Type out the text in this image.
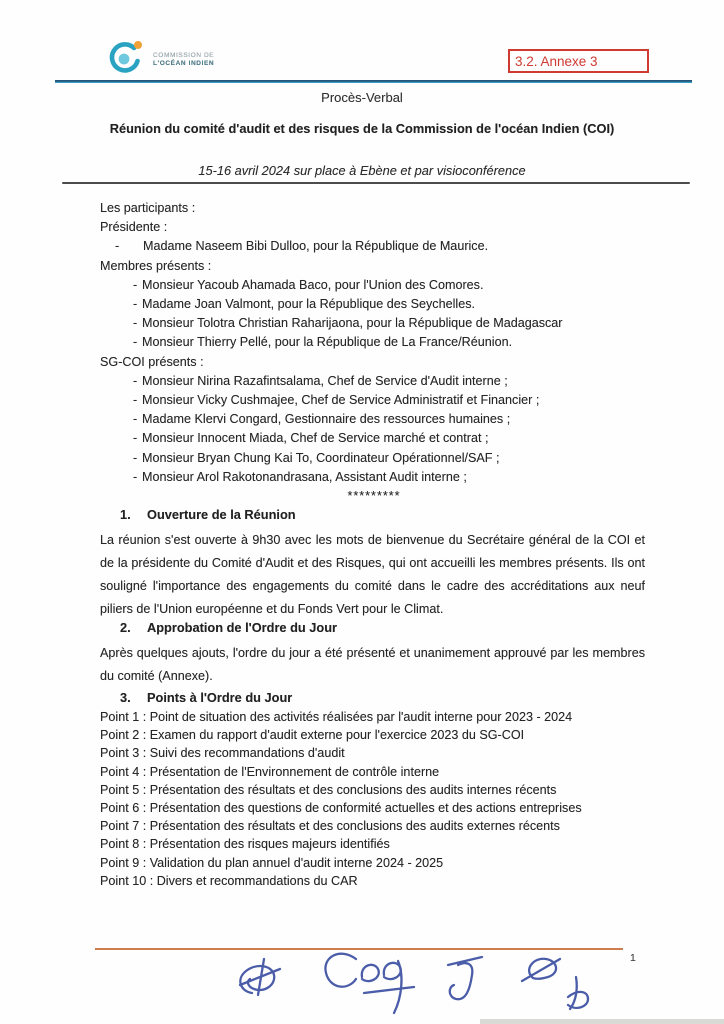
COMMISSION DE
L'OCÉAN INDIEN	3.2. Annexe 3
Procès-Verbal
Réunion du comité d'audit et des risques de la Commission de l'océan Indien (COI)
15-16 avril 2024 sur place à Ebène et par visioconférence
Les participants :
Présidente :
- Madame Naseem Bibi Dulloo, pour la République de Maurice.
Membres présents :
- Monsieur Yacoub Ahamada Baco, pour l'Union des Comores.
- Madame Joan Valmont, pour la République des Seychelles.
- Monsieur Tolotra Christian Raharijaona, pour la République de Madagascar
- Monsieur Thierry Pellé, pour la République de La France/Réunion.
SG-COI présents :
- Monsieur Nirina Razafintsalama, Chef de Service d'Audit interne ;
- Monsieur Vicky Cushmajee, Chef de Service Administratif et Financier ;
- Madame Klervi Congard, Gestionnaire des ressources humaines ;
- Monsieur Innocent Miada, Chef de Service marché et contrat ;
- Monsieur Bryan Chung Kai To, Coordinateur Opérationnel/SAF ;
- Monsieur Arol Rakotonandrasana, Assistant Audit interne ;
*********
1.	Ouverture de la Réunion
La réunion s'est ouverte à 9h30 avec les mots de bienvenue du Secrétaire général de la COI et de la présidente du Comité d'Audit et des Risques, qui ont accueilli les membres présents. Ils ont souligné l'importance des engagements du comité dans le cadre des accréditations aux neuf piliers de l'Union européenne et du Fonds Vert pour le Climat.
2.	Approbation de l'Ordre du Jour
Après quelques ajouts, l'ordre du jour a été présenté et unanimement approuvé par les membres du comité (Annexe).
3.	Points à l'Ordre du Jour
Point 1 : Point de situation des activités réalisées par l'audit interne pour 2023 - 2024
Point 2 : Examen du rapport d'audit externe pour l'exercice 2023 du SG-COI
Point 3 : Suivi des recommandations d'audit
Point 4 : Présentation de l'Environnement de contrôle interne
Point 5 : Présentation des résultats et des conclusions des audits internes récents
Point 6 : Présentation des questions de conformité actuelles et des actions entreprises
Point 7 : Présentation des résultats et des conclusions des audits externes récents
Point 8 : Présentation des risques majeurs identifiés
Point 9 : Validation du plan annuel d'audit interne 2024 - 2025
Point 10 : Divers et recommandations du CAR
1
